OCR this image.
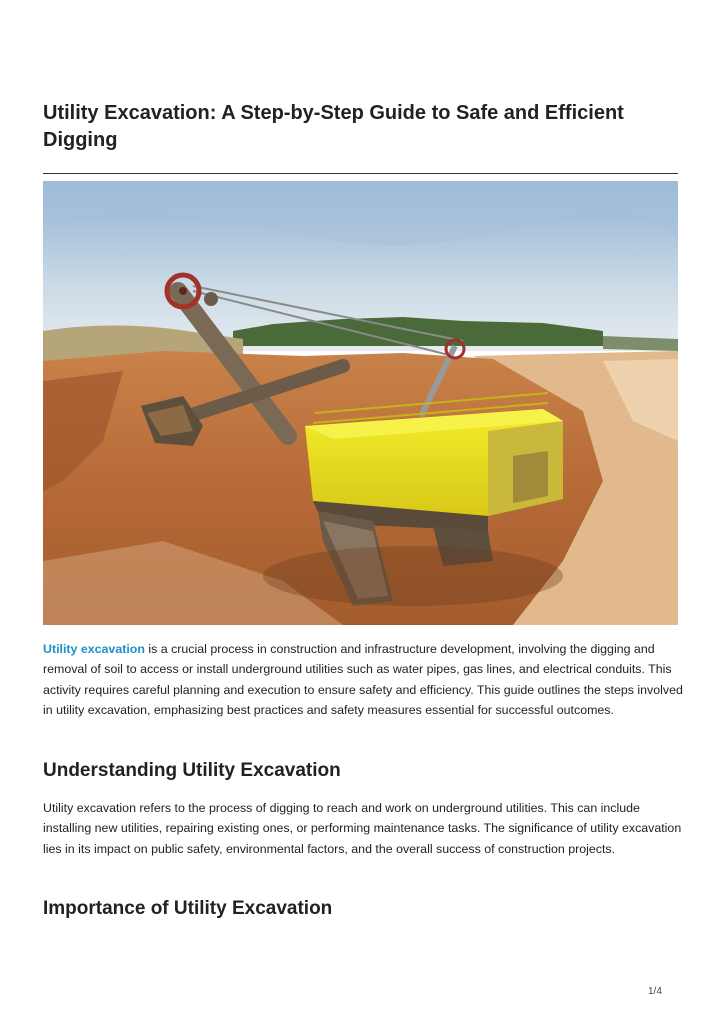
Utility Excavation: A Step-by-Step Guide to Safe and Efficient Digging

Utility excavation is a crucial process in construction and infrastructure development, involving the digging and removal of soil to access or install underground utilities such as water pipes, gas lines, and electrical conduits. This activity requires careful planning and execution to ensure safety and efficiency. This guide outlines the steps involved in utility excavation, emphasizing best practices and safety measures essential for successful outcomes.

Understanding Utility Excavation

Utility excavation refers to the process of digging to reach and work on underground utilities. This can include installing new utilities, repairing existing ones, or performing maintenance tasks. The significance of utility excavation lies in its impact on public safety, environmental factors, and the overall success of construction projects.

Importance of Utility Excavation
1/4
